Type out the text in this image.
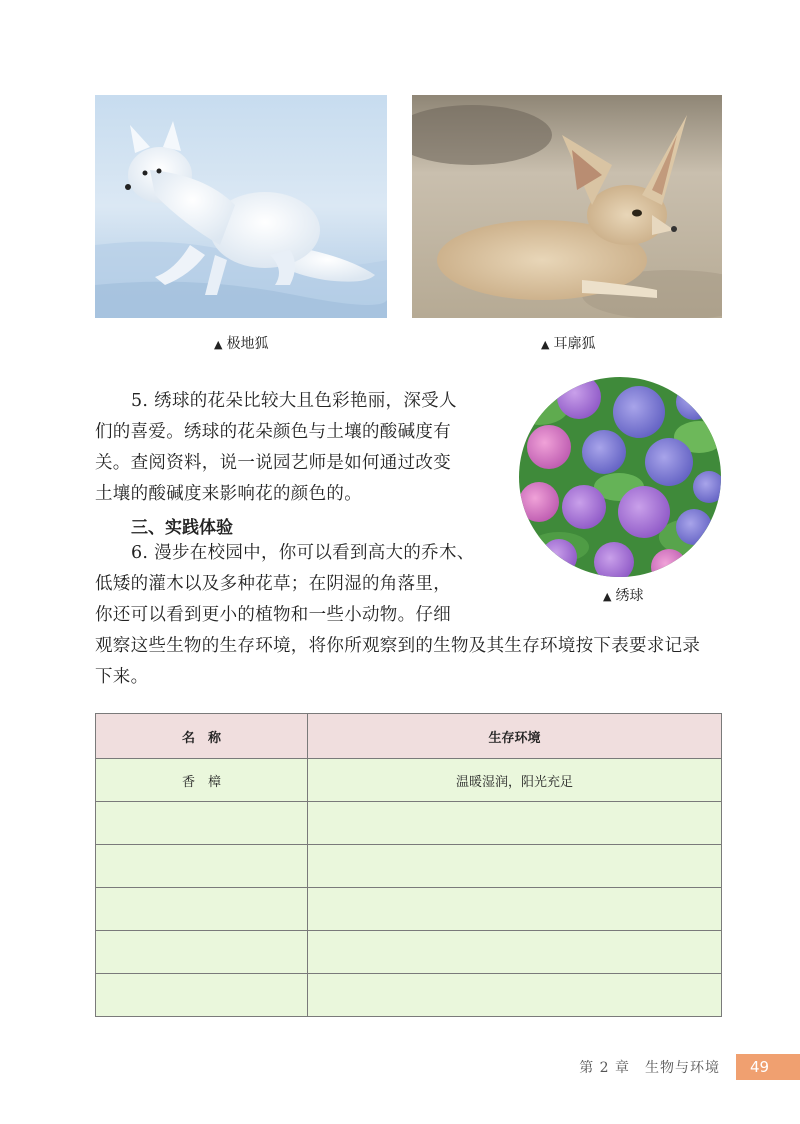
▲ 极地狐	▲ 耳廓狐
5. 绣球的花朵比较大且色彩艳丽，深受人
们的喜爱。绣球的花朵颜色与土壤的酸碱度有
关。查阅资料，说一说园艺师是如何通过改变
土壤的酸碱度来影响花的颜色的。
三、实践体验
6. 漫步在校园中，你可以看到高大的乔木、
低矮的灌木以及多种花草；在阴湿的角落里，
你还可以看到更小的植物和一些小动物。仔细
观察这些生物的生存环境，将你所观察到的生物及其生存环境按下表要求记录
下来。
▲ 绣球
名　称	生存环境
香　樟	温暖湿润，阳光充足

第 2 章　生物与环境	49
